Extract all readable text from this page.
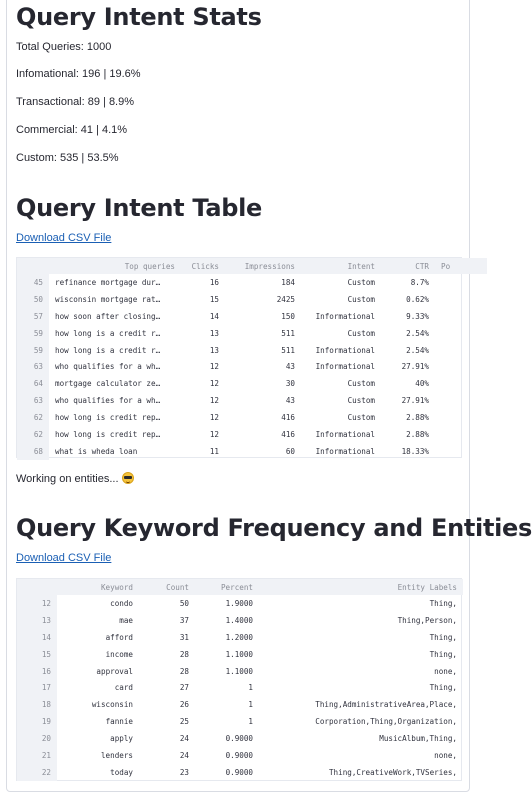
Query Intent Stats
Total Queries: 1000
Infomational: 196 | 19.6%
Transactional: 89 | 8.9%
Commercial: 41 | 4.1%
Custom: 535 | 53.5%
Query Intent Table
Download CSV File
	Top queries	Clicks	Impressions	Intent	CTR	Po
45	refinance mortgage dur…	16	184	Custom	8.7%	
50	wisconsin mortgage rat…	15	2425	Custom	0.62%	
57	how soon after closing…	14	150	Informational	9.33%	
59	how long is a credit r…	13	511	Custom	2.54%	
59	how long is a credit r…	13	511	Informational	2.54%	
63	who qualifies for a wh…	12	43	Informational	27.91%	
64	mortgage calculator ze…	12	30	Custom	40%	
63	who qualifies for a wh…	12	43	Custom	27.91%	
62	how long is credit rep…	12	416	Custom	2.88%	
62	how long is credit rep…	12	416	Informational	2.88%	
68	what is wheda loan	11	60	Informational	18.33%	
Working on entities...
Query Keyword Frequency and Entities
Download CSV File
	Keyword	Count	Percent	Entity Labels
12	condo	50	1.9000	Thing,
13	mae	37	1.4000	Thing,Person,
14	afford	31	1.2000	Thing,
15	income	28	1.1000	Thing,
16	approval	28	1.1000	none,
17	card	27	1	Thing,
18	wisconsin	26	1	Thing,AdministrativeArea,Place,
19	fannie	25	1	Corporation,Thing,Organization,
20	apply	24	0.9000	MusicAlbum,Thing,
21	lenders	24	0.9000	none,
22	today	23	0.9000	Thing,CreativeWork,TVSeries,
